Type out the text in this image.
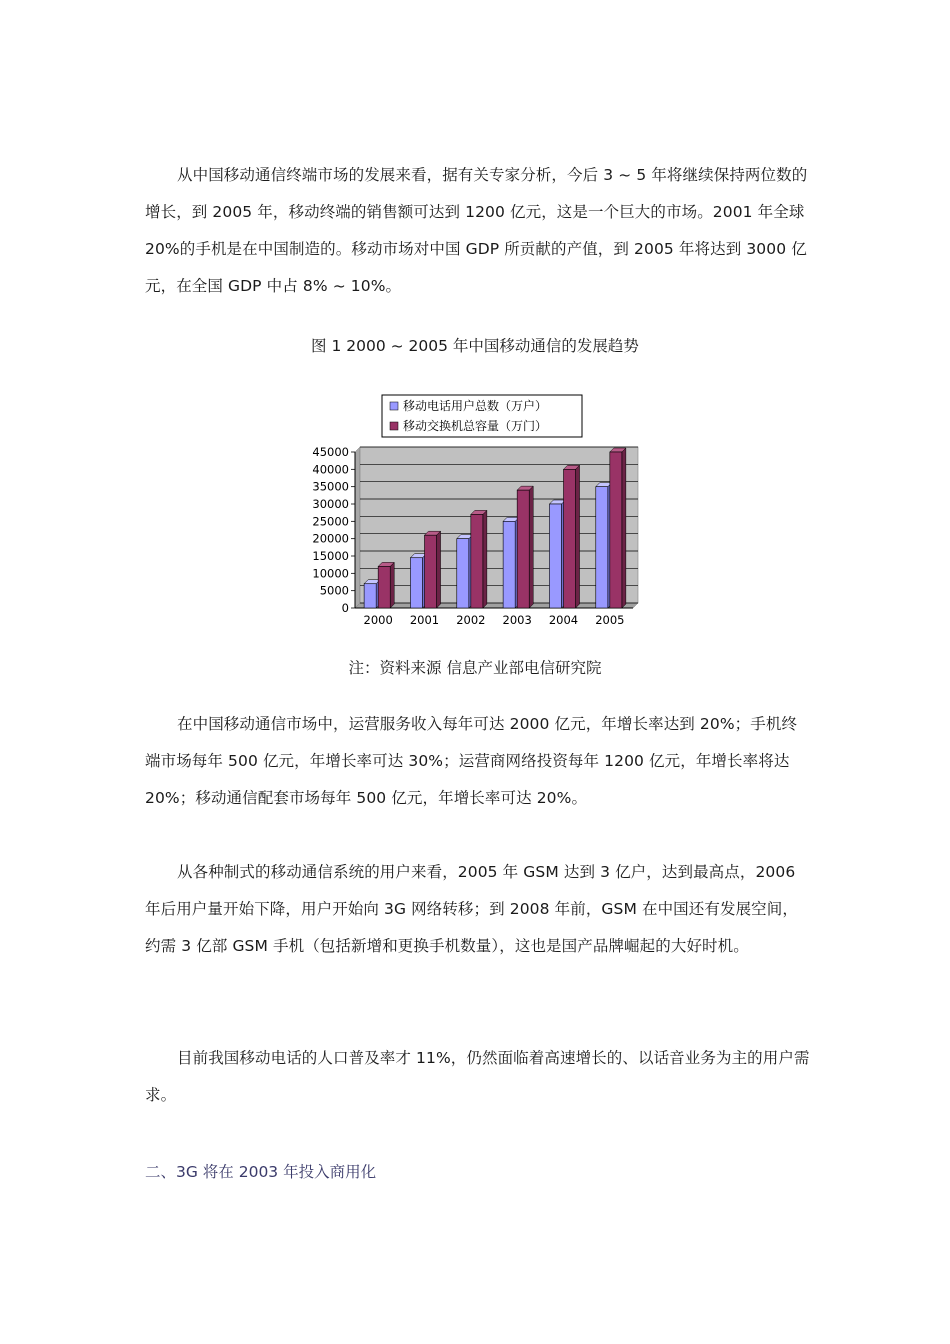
从中国移动通信终端市场的发展来看，据有关专家分析，今后 3 ~ 5 年将继续保持两位数的增长，到 2005 年，移动终端的销售额可达到 1200 亿元，这是一个巨大的市场。2001 年全球 20%的手机是在中国制造的。移动市场对中国 GDP 所贡献的产值，到 2005 年将达到 3000 亿元，在全国 GDP 中占 8% ~ 10%。

图 1 2000 ~ 2005 年中国移动通信的发展趋势

移动电话用户总数（万户）
移动交换机总容量（万门）
0
5000
10000
15000
20000
25000
30000
35000
40000
45000
2000 2001 2002 2003 2004 2005

注：资料来源 信息产业部电信研究院

在中国移动通信市场中，运营服务收入每年可达 2000 亿元，年增长率达到 20%；手机终端市场每年 500 亿元，年增长率可达 30%；运营商网络投资每年 1200 亿元，年增长率将达 20%；移动通信配套市场每年 500 亿元，年增长率可达 20%。

从各种制式的移动通信系统的用户来看，2005 年 GSM 达到 3 亿户，达到最高点，2006 年后用户量开始下降，用户开始向 3G 网络转移；到 2008 年前，GSM 在中国还有发展空间，约需 3 亿部 GSM 手机（包括新增和更换手机数量），这也是国产品牌崛起的大好时机。

目前我国移动电话的人口普及率才 11%，仍然面临着高速增长的、以话音业务为主的用户需求。

二、3G 将在 2003 年投入商用化
